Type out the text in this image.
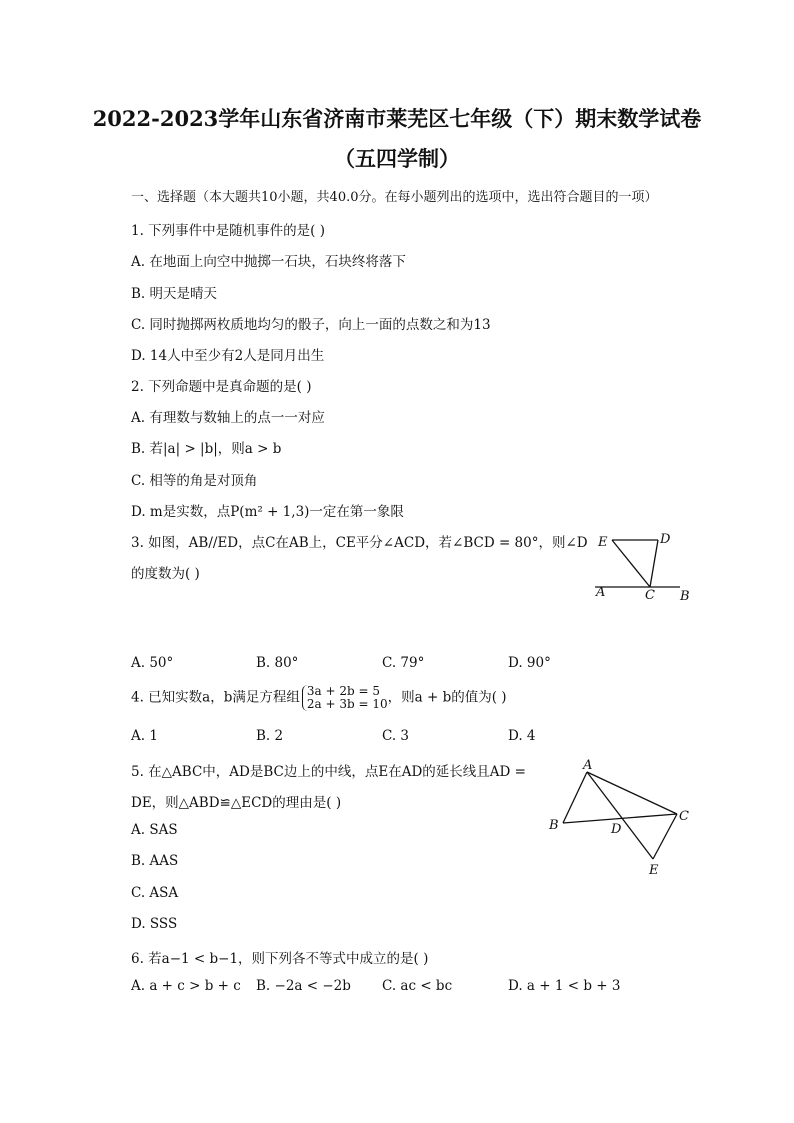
2022-2023学年山东省济南市莱芜区七年级（下）期末数学试卷
（五四学制）
一、选择题（本大题共10小题，共40.0分。在每小题列出的选项中，选出符合题目的一项）
1. 下列事件中是随机事件的是( )
A. 在地面上向空中抛掷一石块，石块终将落下
B. 明天是晴天
C. 同时抛掷两枚质地均匀的骰子，向上一面的点数之和为13
D. 14人中至少有2人是同月出生
2. 下列命题中是真命题的是( )
A. 有理数与数轴上的点一一对应
B. 若|a| > |b|，则a > b
C. 相等的角是对顶角
D. m是实数，点P(m² + 1,3)一定在第一象限
3. 如图，AB//ED，点C在AB上，CE平分∠ACD，若∠BCD = 80°，则∠D
的度数为( )
E	D
A	C B
A. 50°	B. 80°	C. 79°	D. 90°
4. 已知实数a，b满足方程组 3a + 2b = 5
2a + 3b = 10，则a + b的值为( )
A. 1	B. 2	C. 3	D. 4
5. 在△ABC中，AD是BC边上的中线，点E在AD的延长线且AD =
DE，则△ABD≌△ECD的理由是( )
A
B
C
D
E
A. SAS
B. AAS
C. ASA
D. SSS
6. 若a−1 < b−1，则下列各不等式中成立的是( )
A. a + c > b + c B. −2a < −2b C. ac < bc	D. a + 1 < b + 3
